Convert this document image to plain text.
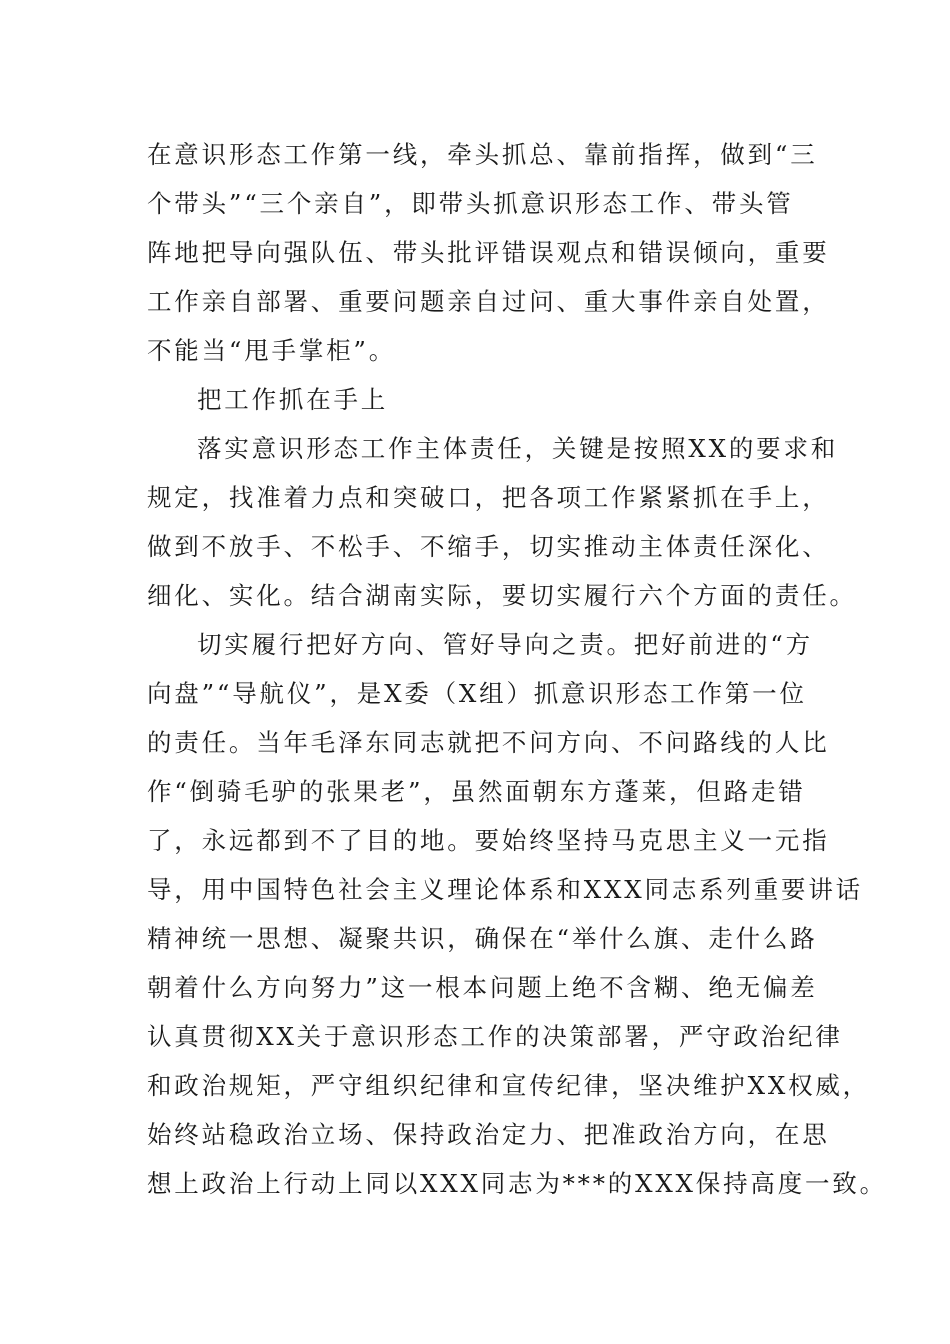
在意识形态工作第一线，牵头抓总、靠前指挥，做到“三
个带头”“三个亲自”，即带头抓意识形态工作、带头管
阵地把导向强队伍、带头批评错误观点和错误倾向，重要
工作亲自部署、重要问题亲自过问、重大事件亲自处置，
不能当“甩手掌柜”。
把工作抓在手上
落实意识形态工作主体责任，关键是按照XX的要求和
规定，找准着力点和突破口，把各项工作紧紧抓在手上，
做到不放手、不松手、不缩手，切实推动主体责任深化、
细化、实化。结合湖南实际，要切实履行六个方面的责任。
切实履行把好方向、管好导向之责。把好前进的“方
向盘”“导航仪”，是X委（X组）抓意识形态工作第一位
的责任。当年毛泽东同志就把不问方向、不问路线的人比
作“倒骑毛驴的张果老”，虽然面朝东方蓬莱，但路走错
了，永远都到不了目的地。要始终坚持马克思主义一元指
导，用中国特色社会主义理论体系和XXX同志系列重要讲话
精神统一思想、凝聚共识，确保在“举什么旗、走什么路
朝着什么方向努力”这一根本问题上绝不含糊、绝无偏差
认真贯彻XX关于意识形态工作的决策部署，严守政治纪律
和政治规矩，严守组织纪律和宣传纪律，坚决维护XX权威，
始终站稳政治立场、保持政治定力、把准政治方向，在思
想上政治上行动上同以XXX同志为***的XXX保持高度一致。
